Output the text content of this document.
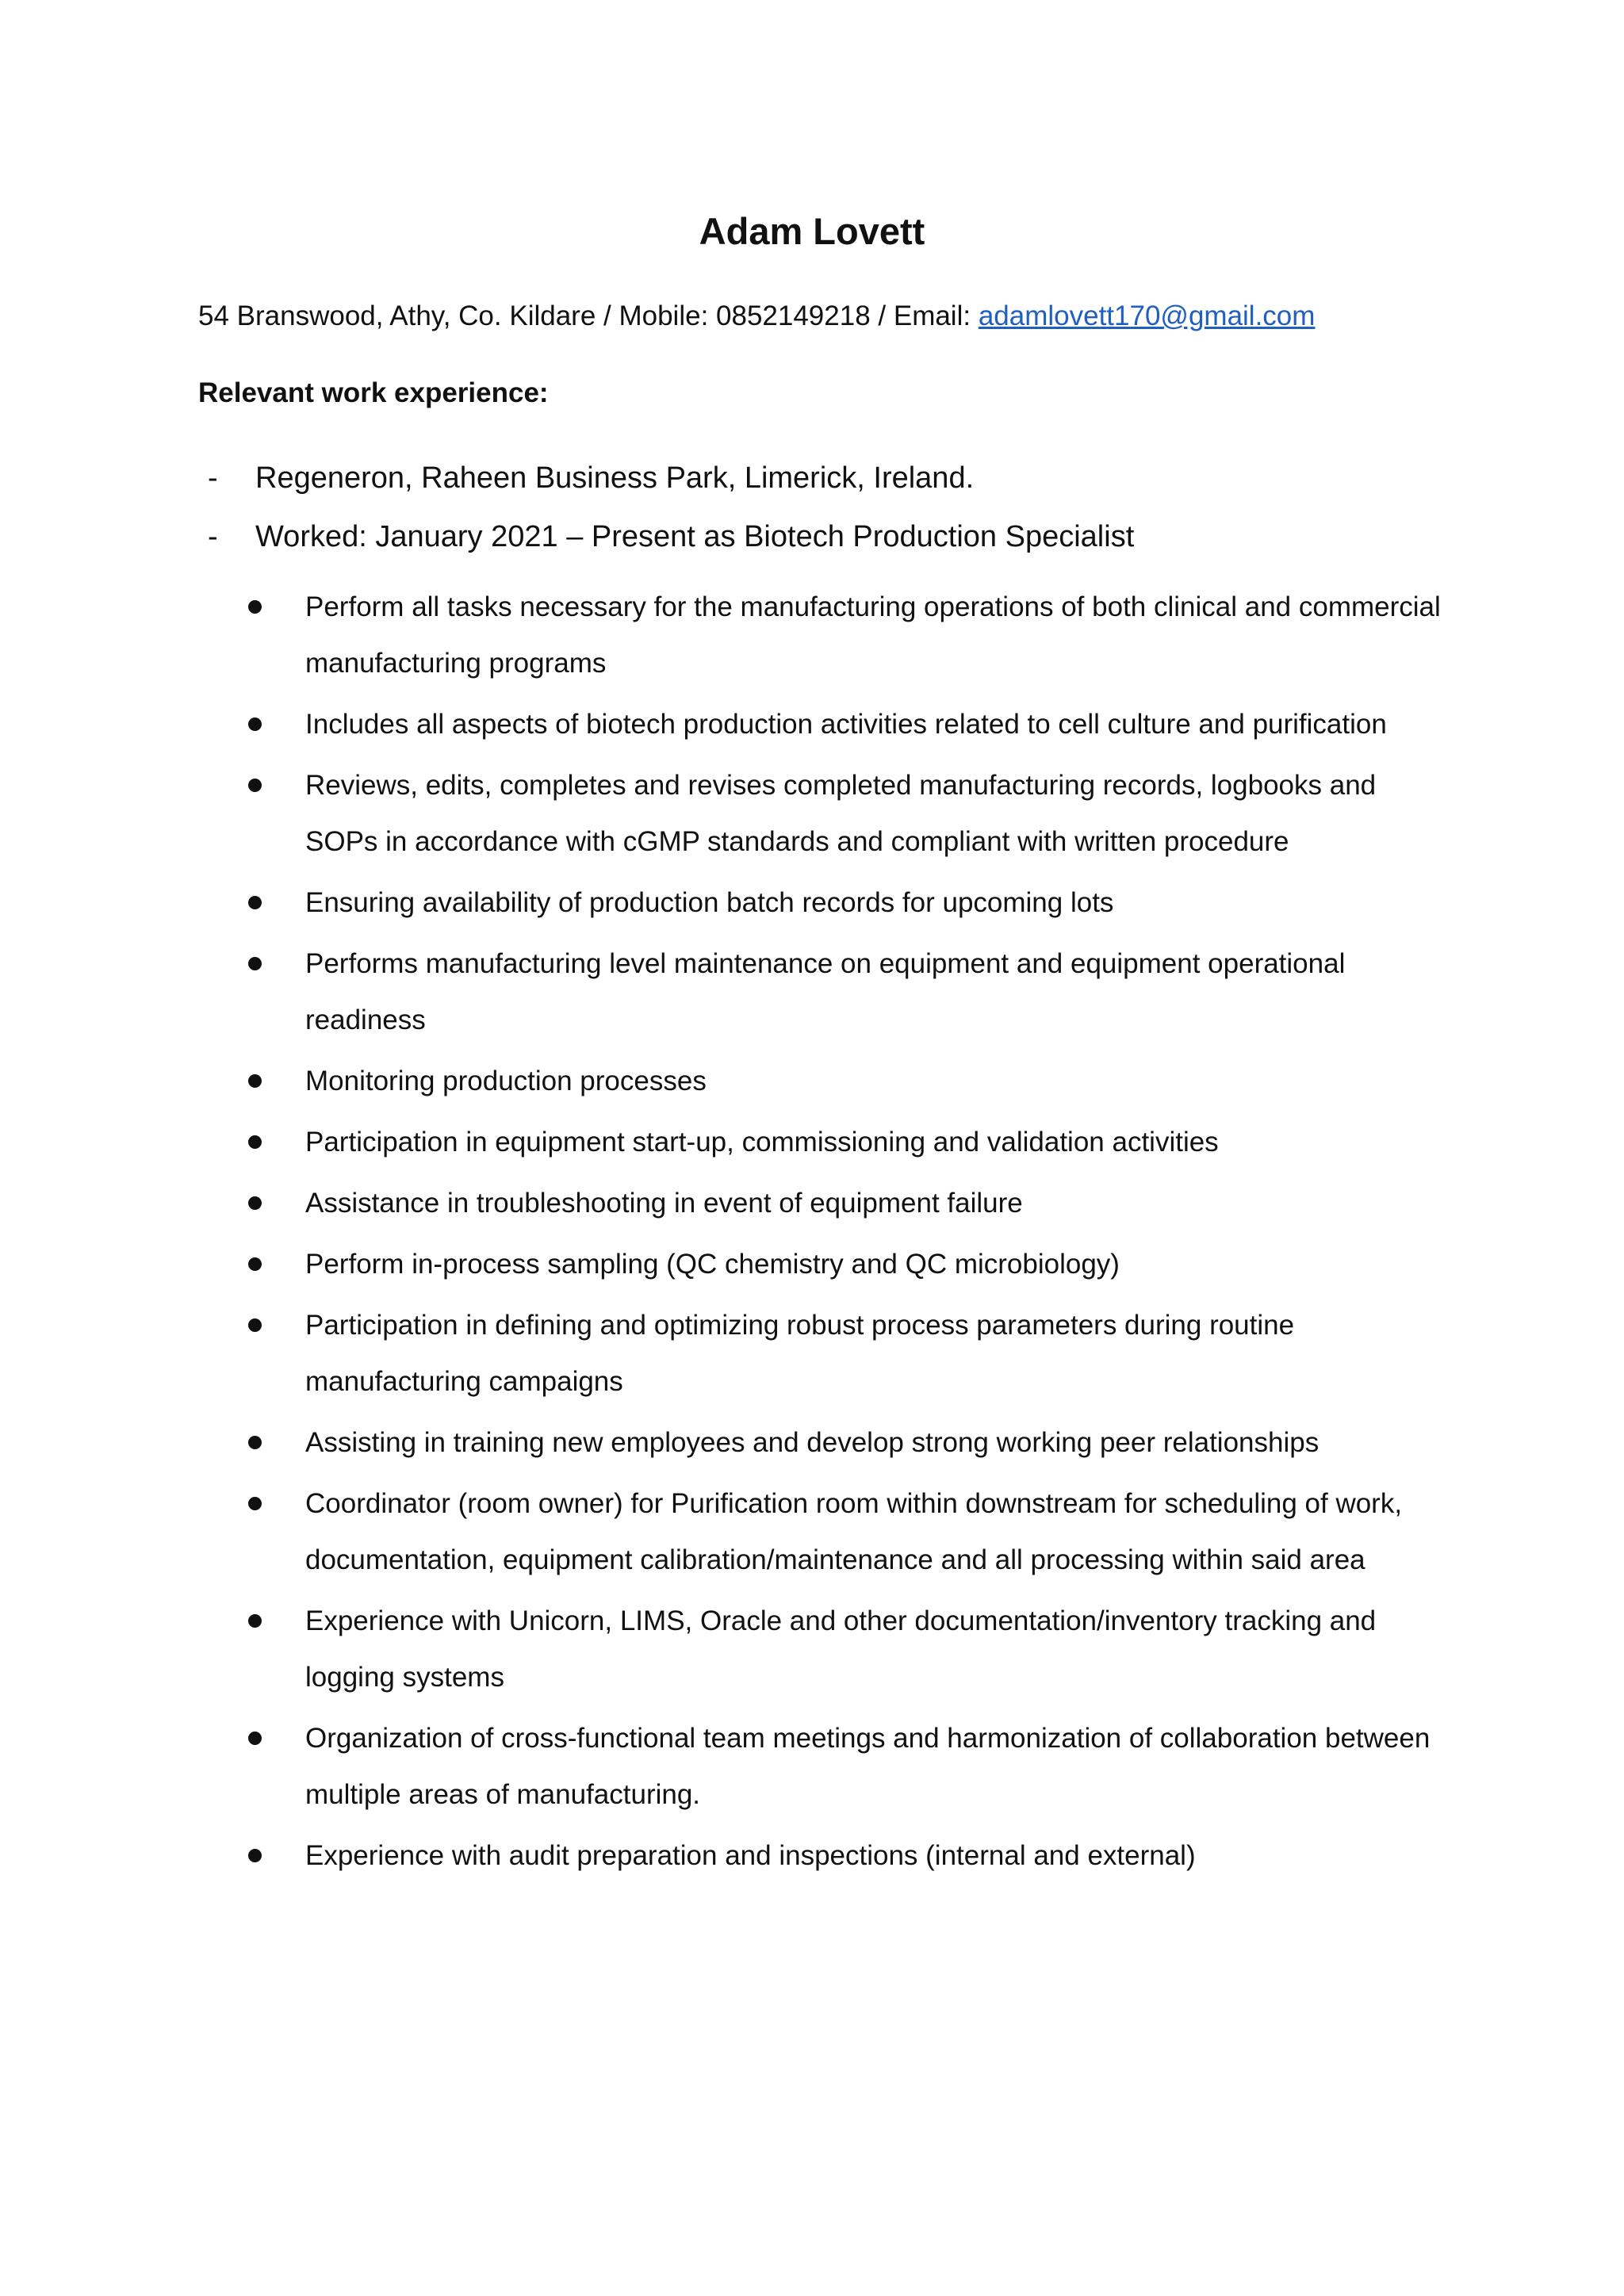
Adam Lovett
54 Branswood, Athy, Co. Kildare / Mobile: 0852149218 / Email: adamlovett170@gmail.com
Relevant work experience:
- Regeneron, Raheen Business Park, Limerick, Ireland.
- Worked: January 2021 – Present as Biotech Production Specialist
Perform all tasks necessary for the manufacturing operations of both clinical and commercial manufacturing programs
Includes all aspects of biotech production activities related to cell culture and purification
Reviews, edits, completes and revises completed manufacturing records, logbooks and SOPs in accordance with cGMP standards and compliant with written procedure
Ensuring availability of production batch records for upcoming lots
Performs manufacturing level maintenance on equipment and equipment operational readiness
Monitoring production processes
Participation in equipment start-up, commissioning and validation activities
Assistance in troubleshooting in event of equipment failure
Perform in-process sampling (QC chemistry and QC microbiology)
Participation in defining and optimizing robust process parameters during routine manufacturing campaigns
Assisting in training new employees and develop strong working peer relationships
Coordinator (room owner) for Purification room within downstream for scheduling of work, documentation, equipment calibration/maintenance and all processing within said area
Experience with Unicorn, LIMS, Oracle and other documentation/inventory tracking and logging systems
Organization of cross-functional team meetings and harmonization of collaboration between multiple areas of manufacturing.
Experience with audit preparation and inspections (internal and external)
